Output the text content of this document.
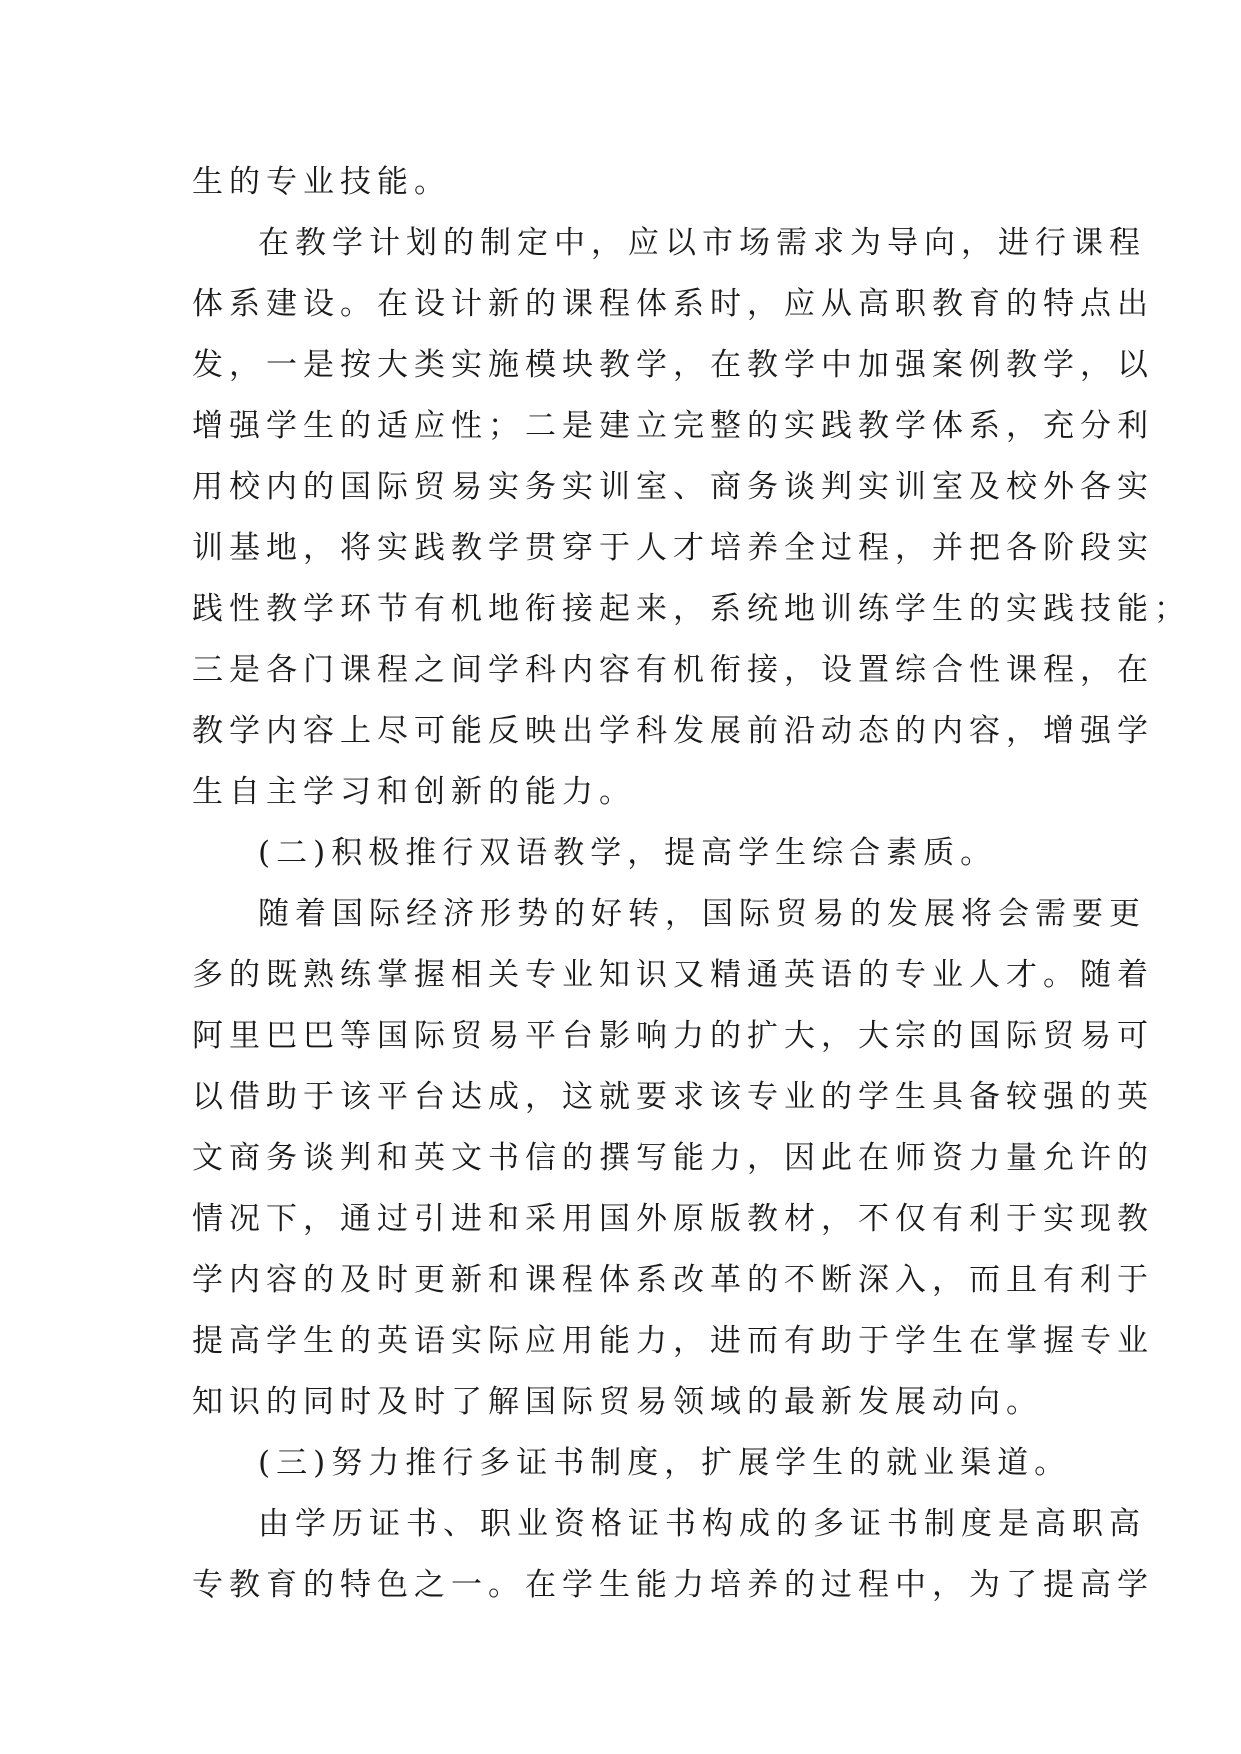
生的专业技能。
在教学计划的制定中，应以市场需求为导向，进行课程
体系建设。在设计新的课程体系时，应从高职教育的特点出
发，一是按大类实施模块教学，在教学中加强案例教学，以
增强学生的适应性；二是建立完整的实践教学体系，充分利
用校内的国际贸易实务实训室、商务谈判实训室及校外各实
训基地，将实践教学贯穿于人才培养全过程，并把各阶段实
践性教学环节有机地衔接起来，系统地训练学生的实践技能；
三是各门课程之间学科内容有机衔接，设置综合性课程，在
教学内容上尽可能反映出学科发展前沿动态的内容，增强学
生自主学习和创新的能力。
(二)积极推行双语教学，提高学生综合素质。
随着国际经济形势的好转，国际贸易的发展将会需要更
多的既熟练掌握相关专业知识又精通英语的专业人才。随着
阿里巴巴等国际贸易平台影响力的扩大，大宗的国际贸易可
以借助于该平台达成，这就要求该专业的学生具备较强的英
文商务谈判和英文书信的撰写能力，因此在师资力量允许的
情况下，通过引进和采用国外原版教材，不仅有利于实现教
学内容的及时更新和课程体系改革的不断深入，而且有利于
提高学生的英语实际应用能力，进而有助于学生在掌握专业
知识的同时及时了解国际贸易领域的最新发展动向。
(三)努力推行多证书制度，扩展学生的就业渠道。
由学历证书、职业资格证书构成的多证书制度是高职高
专教育的特色之一。在学生能力培养的过程中，为了提高学
